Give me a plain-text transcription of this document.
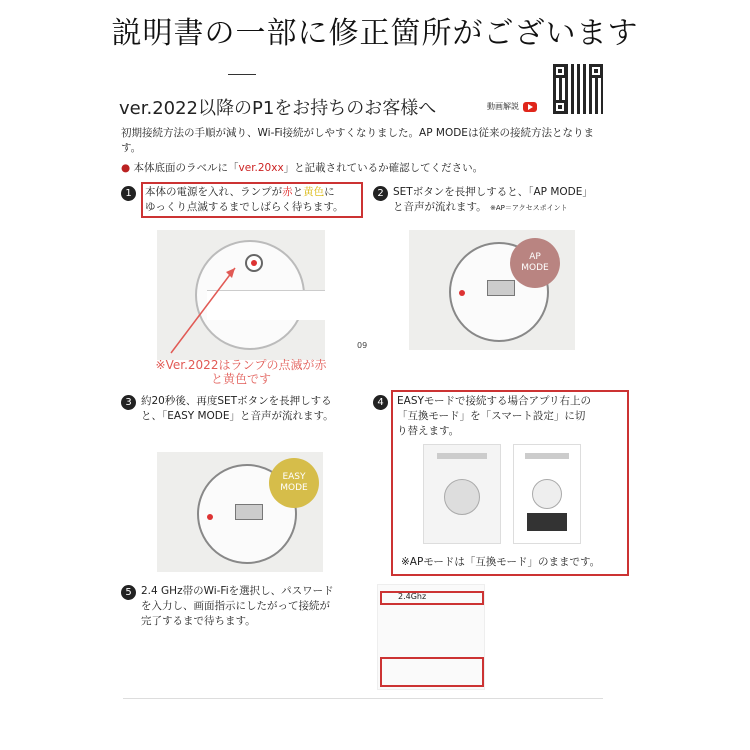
説明書の一部に修正箇所がございます
ver.2022以降のP1をお持ちのお客様へ	動画解説
初期接続方法の手順が減り、Wi-Fi接続がしやすくなりました。AP MODEは従来の接続方法となります。
● 本体底面のラベルに「ver.20xx」と記載されているか確認してください。
1	本体の電源を入れ、ランプが赤と黄色に
ゆっくり点滅するまでしばらく待ちます。
09
※Ver.2022はランプの点滅が赤
と黄色です
2 SETボタンを長押しすると、「AP MODE」
と音声が流れます。 ※AP＝アクセスポイント
AP
MODE
3 約20秒後、再度SETボタンを長押しする
と、「EASY MODE」と音声が流れます。
EASY
MODE
4	EASYモードで接続する場合アプリ右上の
「互換モード」を「スマート設定」に切
り替えます。
※APモードは「互換モード」のままです。
5 2.4 GHz帯のWi-Fiを選択し、パスワード
を入力し、画面指示にしたがって接続が
完了するまで待ちます。
2.4Ghz
